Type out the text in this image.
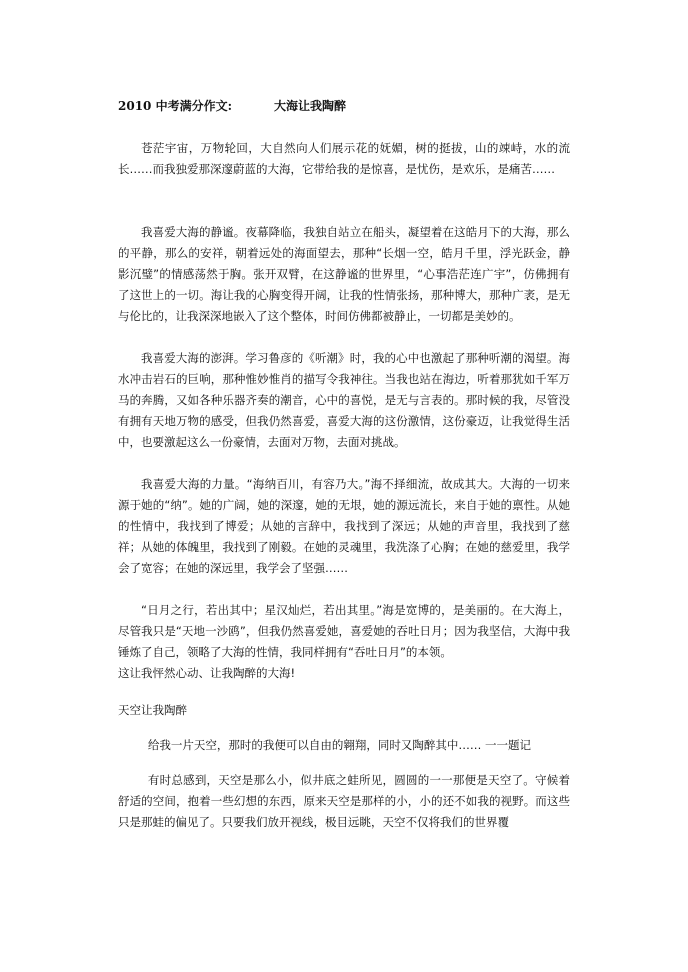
2010 中考满分作文:	大海让我陶醉

苍茫宇宙，万物轮回，大自然向人们展示花的妩媚，树的挺拔，山的竦峙，水的流长……而我独爱那深邃蔚蓝的大海，它带给我的是惊喜，是忧伤，是欢乐，是痛苦……

我喜爱大海的静谧。夜幕降临，我独自站立在船头，凝望着在这皓月下的大海，那么的平静，那么的安祥，朝着远处的海面望去，那种“长烟一空，皓月千里，浮光跃金，静影沉璧”的情感荡然于胸。张开双臂，在这静谧的世界里，“心事浩茫连广宇”，仿佛拥有了这世上的一切。海让我的心胸变得开阔，让我的性情张扬，那种博大，那种广袤，是无与伦比的，让我深深地嵌入了这个整体，时间仿佛都被静止，一切都是美妙的。

我喜爱大海的澎湃。学习鲁彦的《听潮》时，我的心中也激起了那种听潮的渴望。海水冲击岩石的巨响，那种惟妙惟肖的描写令我神往。当我也站在海边，听着那犹如千军万马的奔腾，又如各种乐器齐奏的潮音，心中的喜悦，是无与言表的。那时候的我，尽管没有拥有天地万物的感受，但我仍然喜爱，喜爱大海的这份激情，这份豪迈，让我觉得生活中，也要激起这么一份豪情，去面对万物，去面对挑战。

我喜爱大海的力量。“海纳百川，有容乃大。”海不择细流，故成其大。大海的一切来源于她的“纳”。她的广阔，她的深邃，她的无垠，她的源远流长，来自于她的禀性。从她的性情中，我找到了博爱；从她的言辞中，我找到了深远；从她的声音里，我找到了慈祥；从她的体魄里，我找到了刚毅。在她的灵魂里，我洗涤了心胸；在她的慈爱里，我学会了宽容；在她的深远里，我学会了坚强……

“日月之行，若出其中；星汉灿烂，若出其里。”海是宽博的，是美丽的。在大海上，尽管我只是“天地一沙鸥”，但我仍然喜爱她，喜爱她的吞吐日月；因为我坚信，大海中我锤炼了自己，领略了大海的性情，我同样拥有“吞吐日月”的本领。

这让我怦然心动、让我陶醉的大海!

天空让我陶醉

给我一片天空，那时的我便可以自由的翱翔，同时又陶醉其中…… 一一题记

有时总感到，天空是那么小，似井底之蛙所见，圆圆的一一那便是天空了。守候着舒适的空间，抱着一些幻想的东西，原来天空是那样的小，小的还不如我的视野。而这些只是那蛙的偏见了。只要我们放开视线，极目远眺，天空不仅将我们的世界覆
